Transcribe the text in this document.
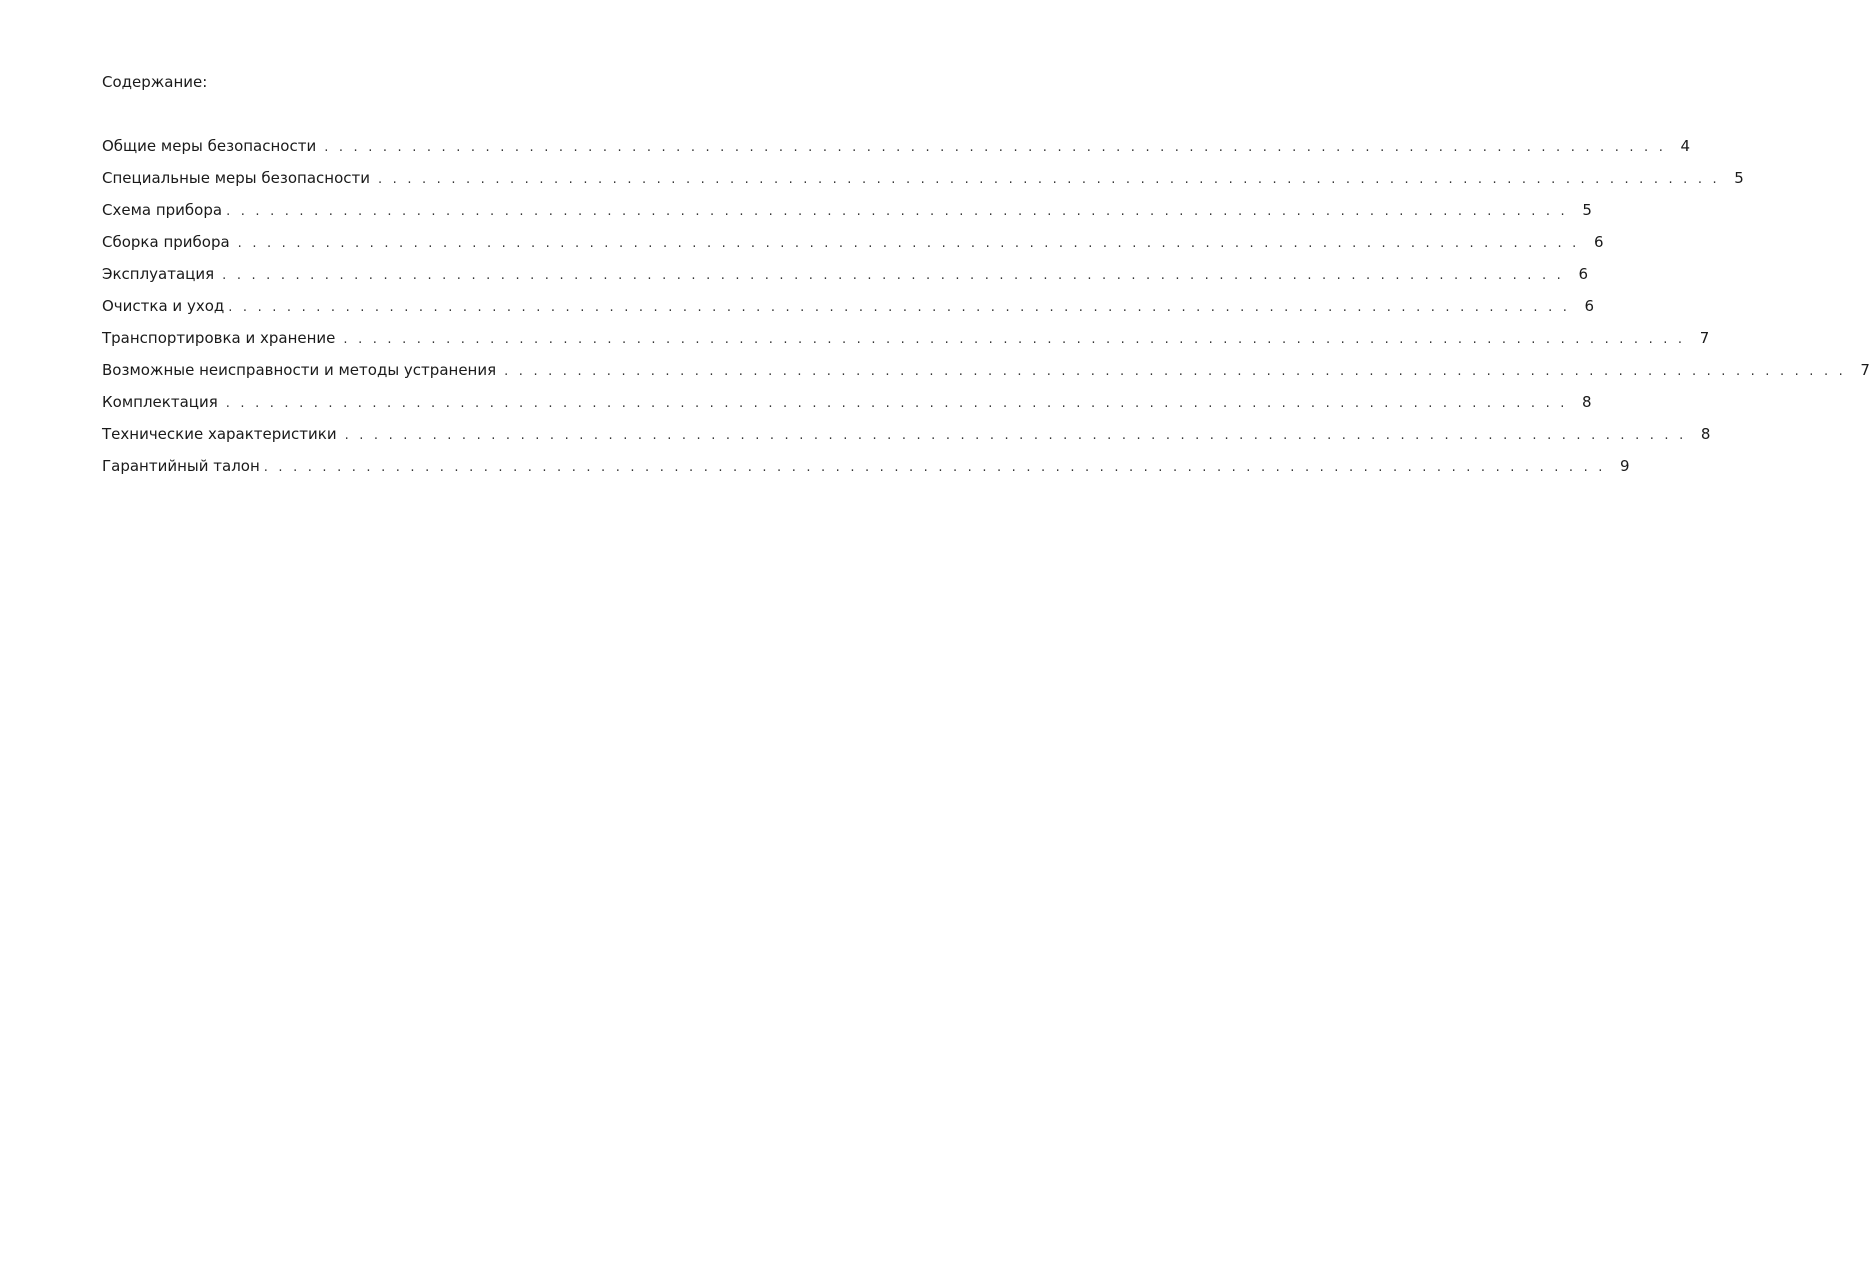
Содержание:
Общие меры безопасности . . . . . . . . . . . . . . . . . . . . . . . . . . . . . . . . . . . . . . . . . . . . . . . . . . . . . . . . . . . . . . . . . . . . . . . . . . . . . . . . . . . . . . . . . . . . 4
Специальные меры безопасности . . . . . . . . . . . . . . . . . . . . . . . . . . . . . . . . . . . . . . . . . . . . . . . . . . . . . . . . . . . . . . . . . . . . . . . . . . . . . . . . . . . . . . . . . . . . 5
Схема прибора . . . . . . . . . . . . . . . . . . . . . . . . . . . . . . . . . . . . . . . . . . . . . . . . . . . . . . . . . . . . . . . . . . . . . . . . . . . . . . . . . . . . . . . . . . . . 5
Сборка прибора . . . . . . . . . . . . . . . . . . . . . . . . . . . . . . . . . . . . . . . . . . . . . . . . . . . . . . . . . . . . . . . . . . . . . . . . . . . . . . . . . . . . . . . . . . . . 6
Эксплуатация . . . . . . . . . . . . . . . . . . . . . . . . . . . . . . . . . . . . . . . . . . . . . . . . . . . . . . . . . . . . . . . . . . . . . . . . . . . . . . . . . . . . . . . . . . . . 6
Очистка и уход . . . . . . . . . . . . . . . . . . . . . . . . . . . . . . . . . . . . . . . . . . . . . . . . . . . . . . . . . . . . . . . . . . . . . . . . . . . . . . . . . . . . . . . . . . . . 6
Транспортировка и хранение . . . . . . . . . . . . . . . . . . . . . . . . . . . . . . . . . . . . . . . . . . . . . . . . . . . . . . . . . . . . . . . . . . . . . . . . . . . . . . . . . . . . . . . . . . . . 7
Возможные неисправности и методы устранения . . . . . . . . . . . . . . . . . . . . . . . . . . . . . . . . . . . . . . . . . . . . . . . . . . . . . . . . . . . . . . . . . . . . . . . . . . . . . . . . . . . . . . . . . . . . 7
Комплектация . . . . . . . . . . . . . . . . . . . . . . . . . . . . . . . . . . . . . . . . . . . . . . . . . . . . . . . . . . . . . . . . . . . . . . . . . . . . . . . . . . . . . . . . . . . . 8
Технические характеристики . . . . . . . . . . . . . . . . . . . . . . . . . . . . . . . . . . . . . . . . . . . . . . . . . . . . . . . . . . . . . . . . . . . . . . . . . . . . . . . . . . . . . . . . . . . . 8
Гарантийный талон . . . . . . . . . . . . . . . . . . . . . . . . . . . . . . . . . . . . . . . . . . . . . . . . . . . . . . . . . . . . . . . . . . . . . . . . . . . . . . . . . . . . . . . . . . . . 9
